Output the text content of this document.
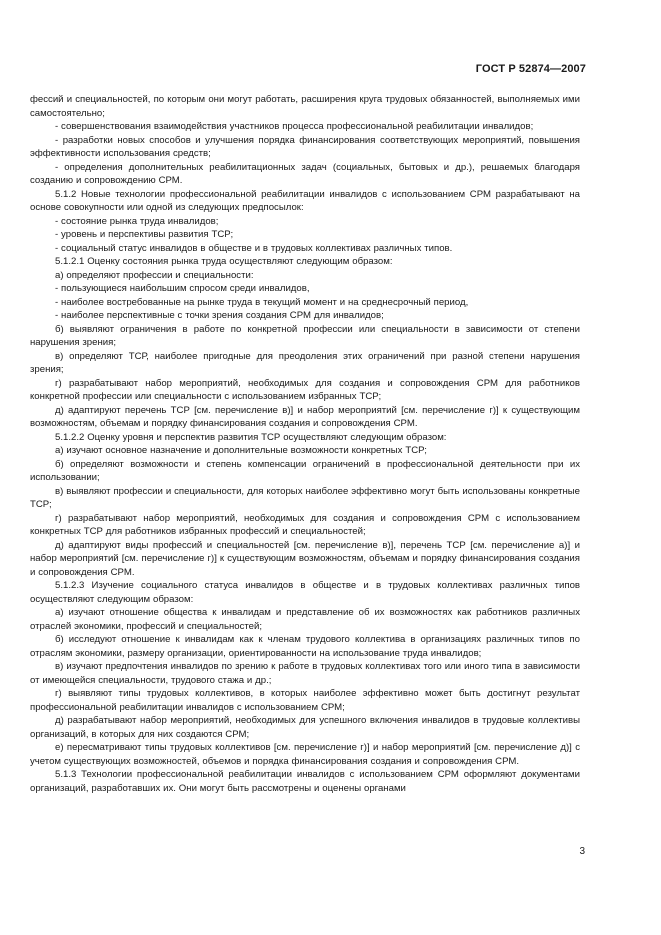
ГОСТ Р 52874—2007

фессий и специальностей, по которым они могут работать, расширения круга трудовых обязанностей, выполняемых ими самостоятельно;

- совершенствования взаимодействия участников процесса профессиональной реабилитации инвалидов;

- разработки новых способов и улучшения порядка финансирования соответствующих мероприятий, повышения эффективности использования средств;

- определения дополнительных реабилитационных задач (социальных, бытовых и др.), решаемых благодаря созданию и сопровождению СРМ.

5.1.2 Новые технологии профессиональной реабилитации инвалидов с использованием СРМ разрабатывают на основе совокупности или одной из следующих предпосылок:

- состояние рынка труда инвалидов;

- уровень и перспективы развития ТСР;

- социальный статус инвалидов в обществе и в трудовых коллективах различных типов.

5.1.2.1 Оценку состояния рынка труда осуществляют следующим образом:

а) определяют профессии и специальности:

- пользующиеся наибольшим спросом среди инвалидов,

- наиболее востребованные на рынке труда в текущий момент и на среднесрочный период,

- наиболее перспективные с точки зрения создания СРМ для инвалидов;

б) выявляют ограничения в работе по конкретной профессии или специальности в зависимости от степени нарушения зрения;

в) определяют ТСР, наиболее пригодные для преодоления этих ограничений при разной степени нарушения зрения;

г) разрабатывают набор мероприятий, необходимых для создания и сопровождения СРМ для работников конкретной профессии или специальности с использованием избранных ТСР;

д) адаптируют перечень ТСР [см. перечисление в)] и набор мероприятий [см. перечисление г)] к существующим возможностям, объемам и порядку финансирования создания и сопровождения СРМ.

5.1.2.2 Оценку уровня и перспектив развития ТСР осуществляют следующим образом:

а) изучают основное назначение и дополнительные возможности конкретных ТСР;

б) определяют возможности и степень компенсации ограничений в профессиональной деятельности при их использовании;

в) выявляют профессии и специальности, для которых наиболее эффективно могут быть использованы конкретные ТСР;

г) разрабатывают набор мероприятий, необходимых для создания и сопровождения СРМ с использованием конкретных ТСР для работников избранных профессий и специальностей;

д) адаптируют виды профессий и специальностей [см. перечисление в)], перечень ТСР [см. перечисление а)] и набор мероприятий [см. перечисление г)] к существующим возможностям, объемам и порядку финансирования создания и сопровождения СРМ.

5.1.2.3 Изучение социального статуса инвалидов в обществе и в трудовых коллективах различных типов осуществляют следующим образом:

а) изучают отношение общества к инвалидам и представление об их возможностях как работников различных отраслей экономики, профессий и специальностей;

б) исследуют отношение к инвалидам как к членам трудового коллектива в организациях различных типов по отраслям экономики, размеру организации, ориентированности на использование труда инвалидов;

в) изучают предпочтения инвалидов по зрению к работе в трудовых коллективах того или иного типа в зависимости от имеющейся специальности, трудового стажа и др.;

г) выявляют типы трудовых коллективов, в которых наиболее эффективно может быть достигнут результат профессиональной реабилитации инвалидов с использованием СРМ;

д) разрабатывают набор мероприятий, необходимых для успешного включения инвалидов в трудовые коллективы организаций, в которых для них создаются СРМ;

е) пересматривают типы трудовых коллективов [см. перечисление г)] и набор мероприятий [см. перечисление д)] с учетом существующих возможностей, объемов и порядка финансирования создания и сопровождения СРМ.

5.1.3 Технологии профессиональной реабилитации инвалидов с использованием СРМ оформляют документами организаций, разработавших их. Они могут быть рассмотрены и оценены органами

3
